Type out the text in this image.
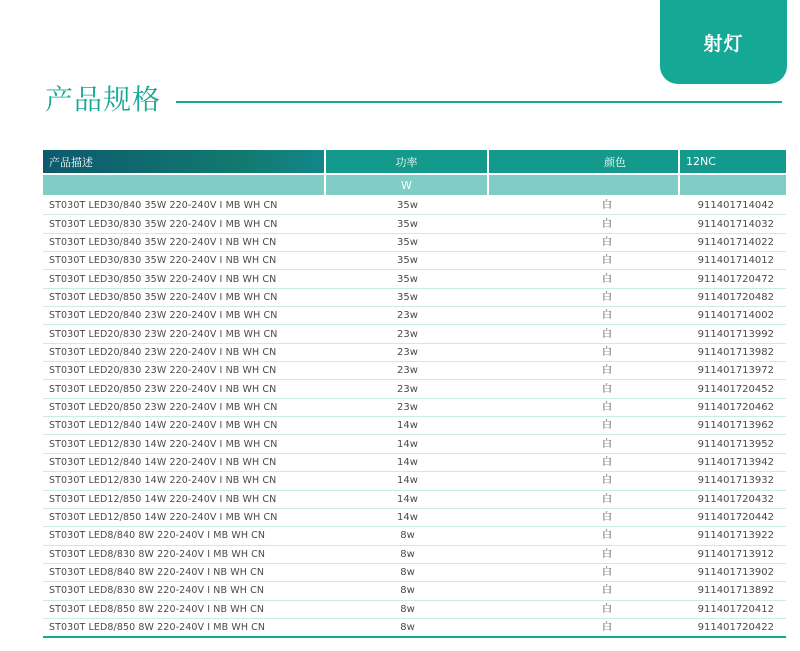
射灯
产品规格
产品描述	功率	颜色	12NC
	W		
ST030T LED30/840 35W 220-240V I MB WH CN	35w	白	911401714042
ST030T LED30/830 35W 220-240V I MB WH CN	35w	白	911401714032
ST030T LED30/840 35W 220-240V I NB WH CN	35w	白	911401714022
ST030T LED30/830 35W 220-240V I NB WH CN	35w	白	911401714012
ST030T LED30/850 35W 220-240V I NB WH CN	35w	白	911401720472
ST030T LED30/850 35W 220-240V I MB WH CN	35w	白	911401720482
ST030T LED20/840 23W 220-240V I MB WH CN	23w	白	911401714002
ST030T LED20/830 23W 220-240V I MB WH CN	23w	白	911401713992
ST030T LED20/840 23W 220-240V I NB WH CN	23w	白	911401713982
ST030T LED20/830 23W 220-240V I NB WH CN	23w	白	911401713972
ST030T LED20/850 23W 220-240V I NB WH CN	23w	白	911401720452
ST030T LED20/850 23W 220-240V I MB WH CN	23w	白	911401720462
ST030T LED12/840 14W 220-240V I MB WH CN	14w	白	911401713962
ST030T LED12/830 14W 220-240V I MB WH CN	14w	白	911401713952
ST030T LED12/840 14W 220-240V I NB WH CN	14w	白	911401713942
ST030T LED12/830 14W 220-240V I NB WH CN	14w	白	911401713932
ST030T LED12/850 14W 220-240V I NB WH CN	14w	白	911401720432
ST030T LED12/850 14W 220-240V I MB WH CN	14w	白	911401720442
ST030T LED8/840 8W 220-240V I MB WH CN	8w	白	911401713922
ST030T LED8/830 8W 220-240V I MB WH CN	8w	白	911401713912
ST030T LED8/840 8W 220-240V I NB WH CN	8w	白	911401713902
ST030T LED8/830 8W 220-240V I NB WH CN	8w	白	911401713892
ST030T LED8/850 8W 220-240V I NB WH CN	8w	白	911401720412
ST030T LED8/850 8W 220-240V I MB WH CN	8w	白	911401720422
